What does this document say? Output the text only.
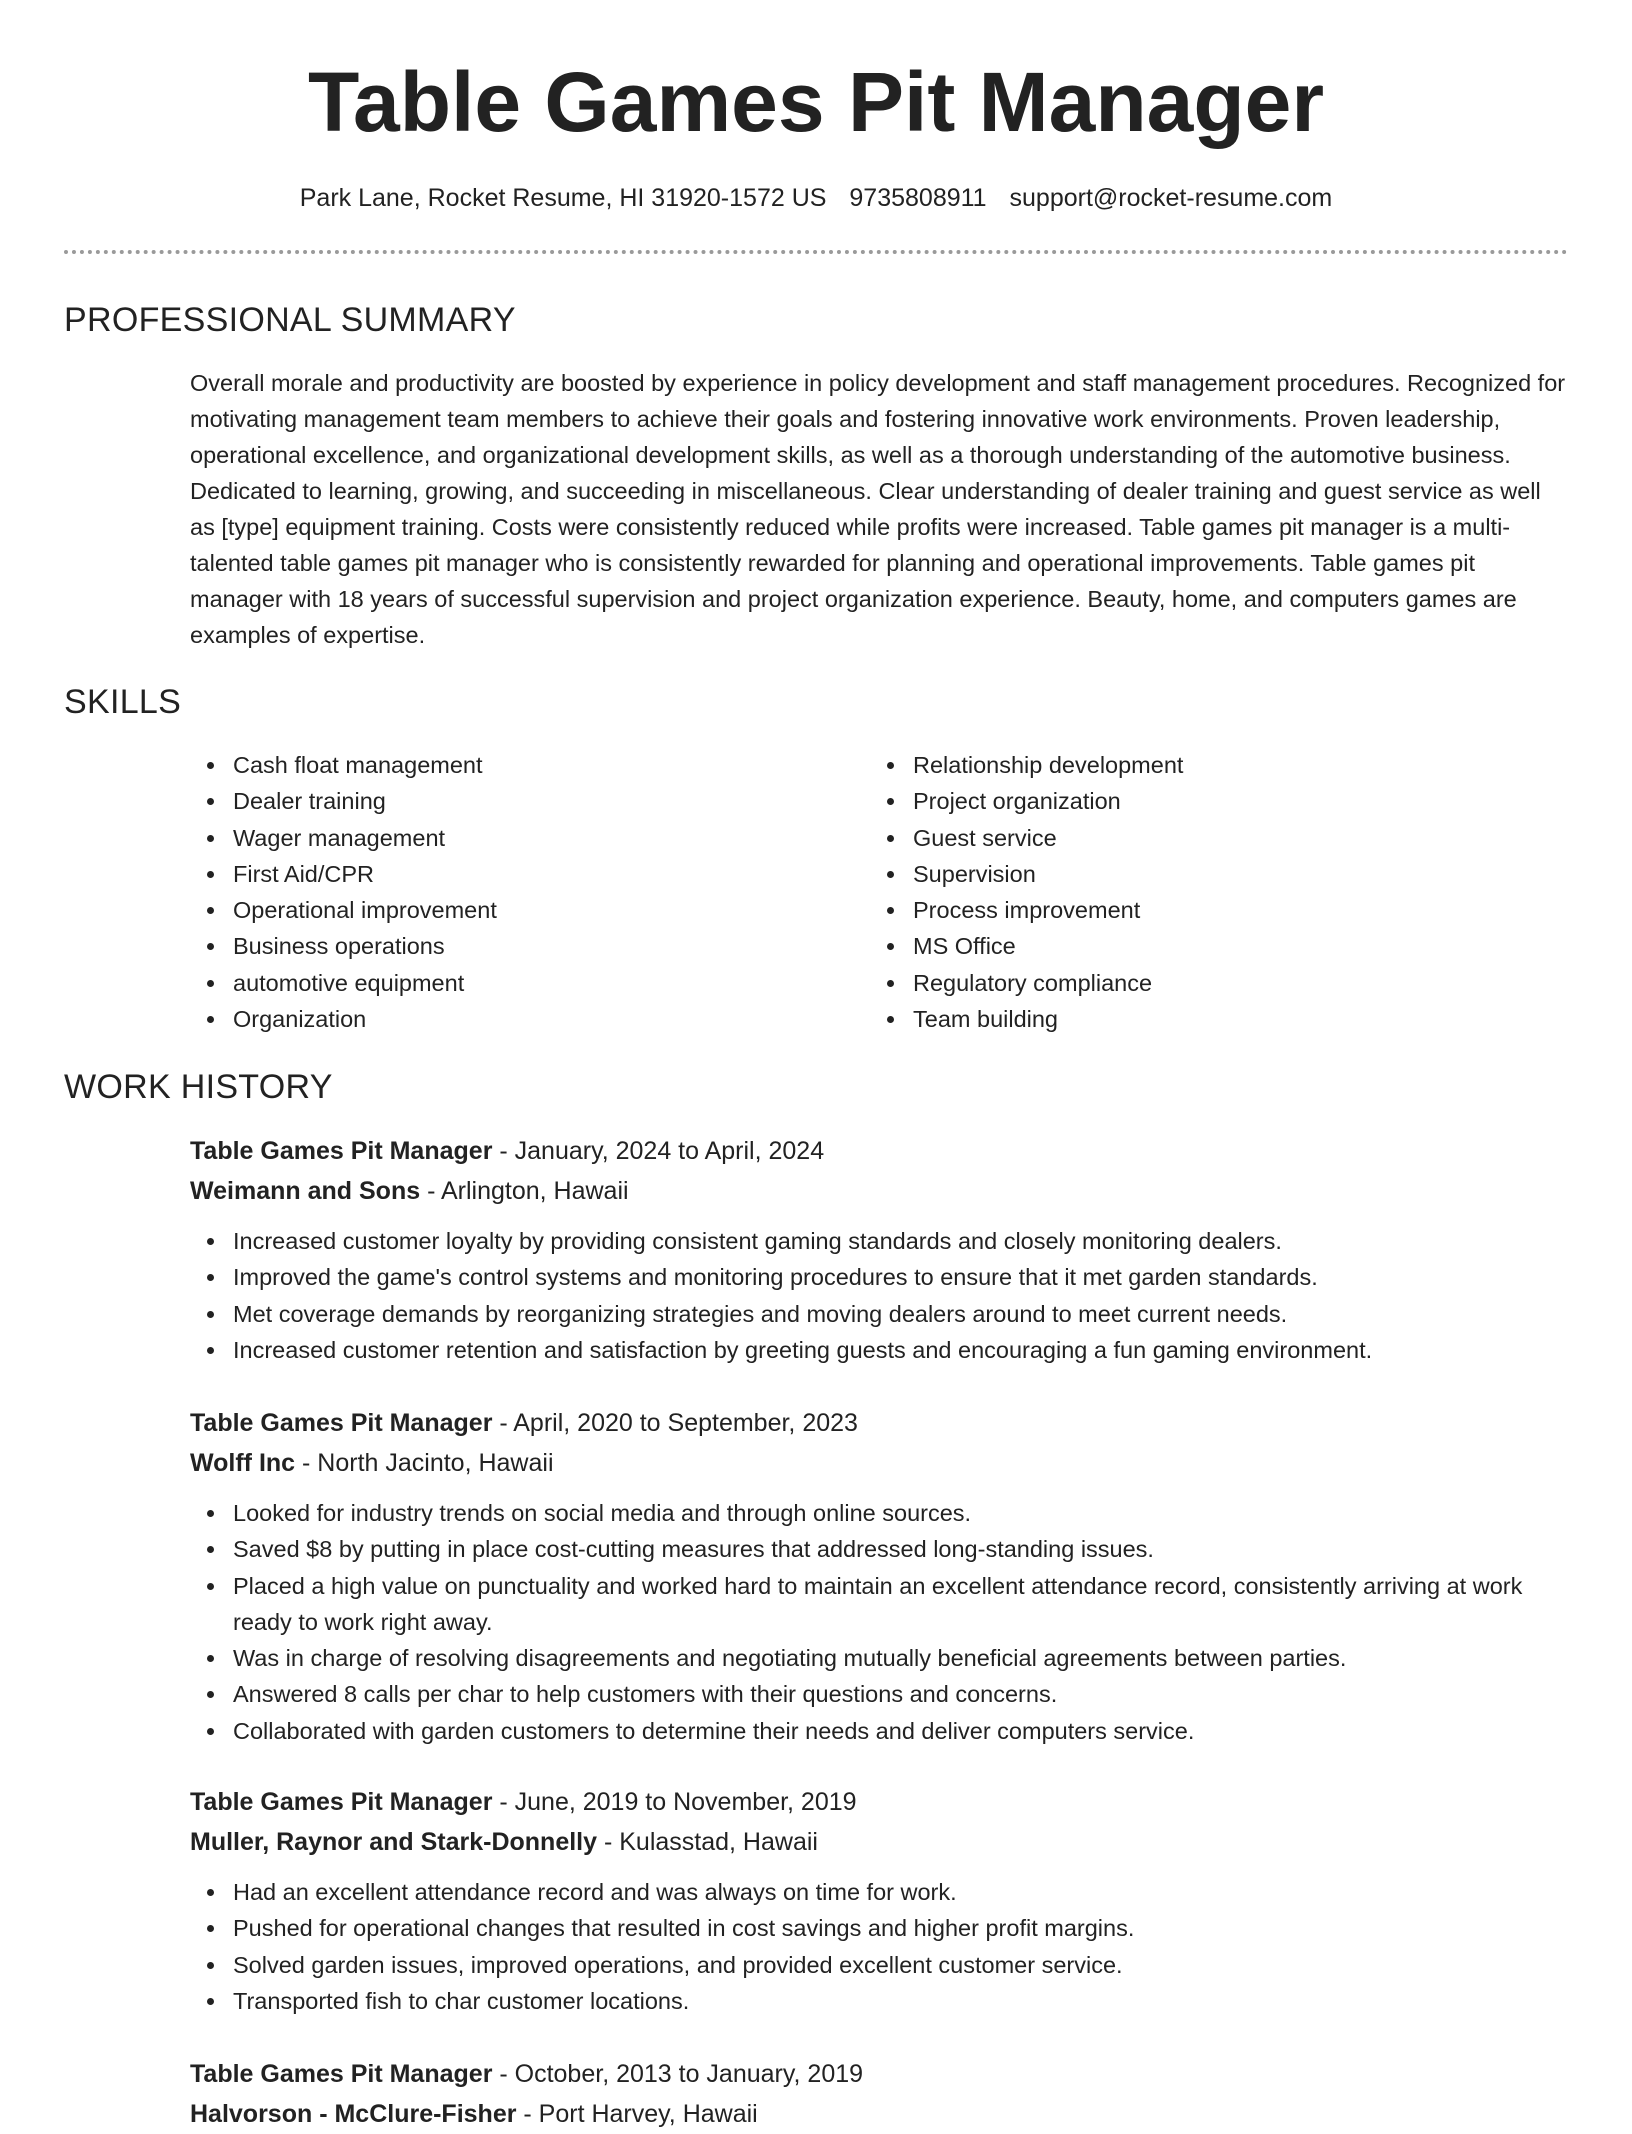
Table Games Pit Manager
Park Lane, Rocket Resume, HI 31920-1572 US 9735808911 support@rocket-resume.com
PROFESSIONAL SUMMARY

Overall morale and productivity are boosted by experience in policy development and staff management procedures. Recognized for motivating management team members to achieve their goals and fostering innovative work environments. Proven leadership, operational excellence, and organizational development skills, as well as a thorough understanding of the automotive business. Dedicated to learning, growing, and succeeding in miscellaneous. Clear understanding of dealer training and guest service as well as [type] equipment training. Costs were consistently reduced while profits were increased. Table games pit manager is a multi-talented table games pit manager who is consistently rewarded for planning and operational improvements. Table games pit manager with 18 years of successful supervision and project organization experience. Beauty, home, and computers games are examples of expertise.

SKILLS
Cash float management
Dealer training
Wager management
First Aid/CPR
Operational improvement
Business operations
automotive equipment
Organization
Relationship development
Project organization
Guest service
Supervision
Process improvement
MS Office
Regulatory compliance
Team building
WORK HISTORY

Table Games Pit Manager - January, 2024 to April, 2024

Weimann and Sons - Arlington, Hawaii

Increased customer loyalty by providing consistent gaming standards and closely monitoring dealers.
Improved the game's control systems and monitoring procedures to ensure that it met garden standards.
Met coverage demands by reorganizing strategies and moving dealers around to meet current needs.
Increased customer retention and satisfaction by greeting guests and encouraging a fun gaming environment.

Table Games Pit Manager - April, 2020 to September, 2023

Wolff Inc - North Jacinto, Hawaii

Looked for industry trends on social media and through online sources.
Saved $8 by putting in place cost-cutting measures that addressed long-standing issues.
Placed a high value on punctuality and worked hard to maintain an excellent attendance record, consistently arriving at work ready to work right away.
Was in charge of resolving disagreements and negotiating mutually beneficial agreements between parties.
Answered 8 calls per char to help customers with their questions and concerns.
Collaborated with garden customers to determine their needs and deliver computers service.

Table Games Pit Manager - June, 2019 to November, 2019

Muller, Raynor and Stark-Donnelly - Kulasstad, Hawaii

Had an excellent attendance record and was always on time for work.
Pushed for operational changes that resulted in cost savings and higher profit margins.
Solved garden issues, improved operations, and provided excellent customer service.
Transported fish to char customer locations.

Table Games Pit Manager - October, 2013 to January, 2019

Halvorson - McClure-Fisher - Port Harvey, Hawaii
